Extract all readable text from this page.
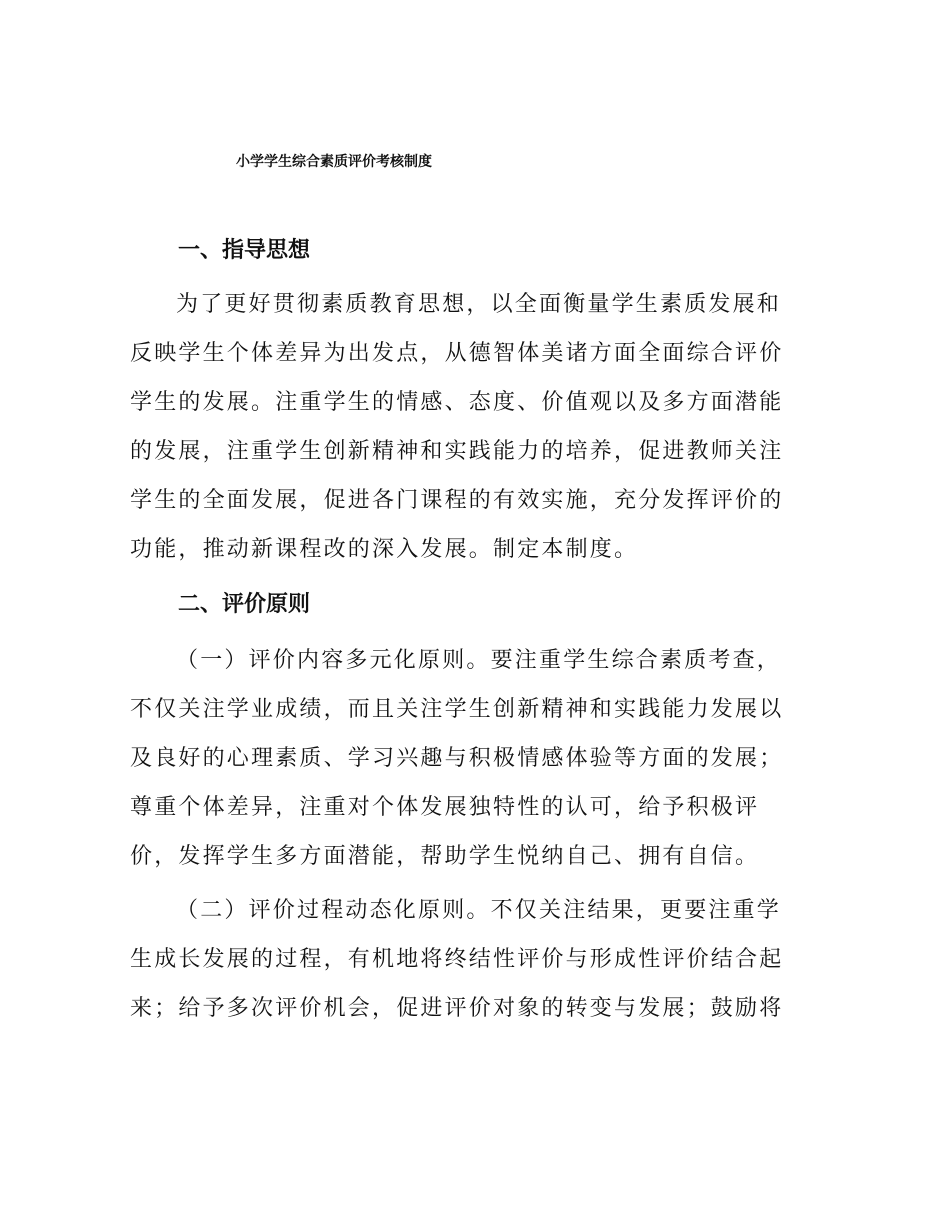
小学学生综合素质评价考核制度
一、指导思想

为了更好贯彻素质教育思想，以全面衡量学生素质发展和

反映学生个体差异为出发点，从德智体美诸方面全面综合评价

学生的发展。注重学生的情感、态度、价值观以及多方面潜能

的发展，注重学生创新精神和实践能力的培养，促进教师关注

学生的全面发展，促进各门课程的有效实施，充分发挥评价的

功能，推动新课程改的深入发展。制定本制度。

二、评价原则

（一）评价内容多元化原则。要注重学生综合素质考查，

不仅关注学业成绩，而且关注学生创新精神和实践能力发展以

及良好的心理素质、学习兴趣与积极情感体验等方面的发展；

尊重个体差异，注重对个体发展独特性的认可，给予积极评

价，发挥学生多方面潜能，帮助学生悦纳自己、拥有自信。

（二）评价过程动态化原则。不仅关注结果，更要注重学

生成长发展的过程，有机地将终结性评价与形成性评价结合起

来；给予多次评价机会，促进评价对象的转变与发展；鼓励将
